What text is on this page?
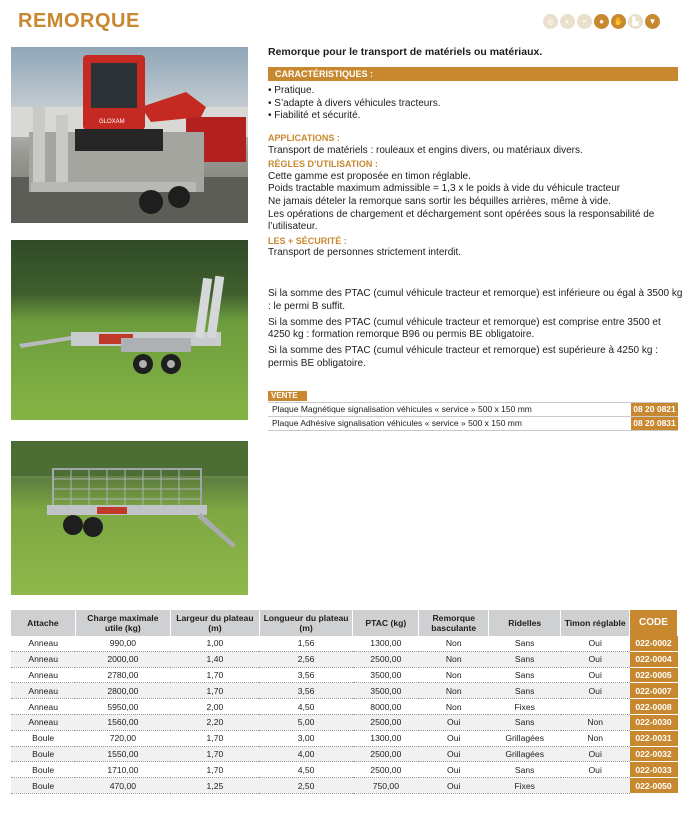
REMORQUE	◎	◐	◓	●	✋	▙	▼
GLOXAM
Remorque pour le transport de matériels ou matériaux.
CARACTÉRISTIQUES :
• Pratique.
• S’adapte à divers véhicules tracteurs.
• Fiabilité et sécurité.
APPLICATIONS :
Transport de matériels : rouleaux et engins divers, ou matériaux divers.
RÈGLES D’UTILISATION :
Cette gamme est proposée en timon réglable.
Poids tractable maximum admissible = 1,3 x le poids à vide du véhicule tracteur
Ne jamais dételer la remorque sans sortir les béquilles arrières, même à vide.
Les opérations de chargement et déchargement sont opérées sous la responsabilité de l’utilisateur.
LES + SÉCURITÉ :
Transport de personnes strictement interdit.
Si la somme des PTAC (cumul véhicule tracteur et remorque) est inférieure ou égal à 3500 kg : le permi B suffit.
Si la somme des PTAC (cumul véhicule tracteur et remorque) est comprise entre 3500 et 4250 kg : formation remorque B96 ou permis BE obligatoire.
Si la somme des PTAC (cumul véhicule tracteur et remorque) est supérieure à 4250 kg : permis BE obligatoire.
VENTE
Plaque Magnétique signalisation véhicules « service » 500 x 150 mm	08 20 0821
Plaque Adhésive signalisation véhicules « service » 500 x 150 mm	08 20 0831
Attache	Charge maximale utile (kg)	Largeur du plateau (m)	Longueur du plateau (m)	PTAC (kg)	Remorque basculante	Ridelles	Timon réglable	CODE
Anneau	990,00	1,00	1,56	1300,00	Non	Sans	Oui	022-0002
Anneau	2000,00	1,40	2,56	2500,00	Non	Sans	Oui	022-0004
Anneau	2780,00	1,70	3,56	3500,00	Non	Sans	Oui	022-0005
Anneau	2800,00	1,70	3,56	3500,00	Non	Sans	Oui	022-0007
Anneau	5950,00	2,00	4,50	8000,00	Non	Fixes		022-0008
Anneau	1560,00	2,20	5,00	2500,00	Oui	Sans	Non	022-0030
Boule	720,00	1,70	3,00	1300,00	Oui	Grillagées	Non	022-0031
Boule	1550,00	1,70	4,00	2500,00	Oui	Grillagées	Oui	022-0032
Boule	1710,00	1,70	4,50	2500,00	Oui	Sans	Oui	022-0033
Boule	470,00	1,25	2,50	750,00	Oui	Fixes		022-0050
